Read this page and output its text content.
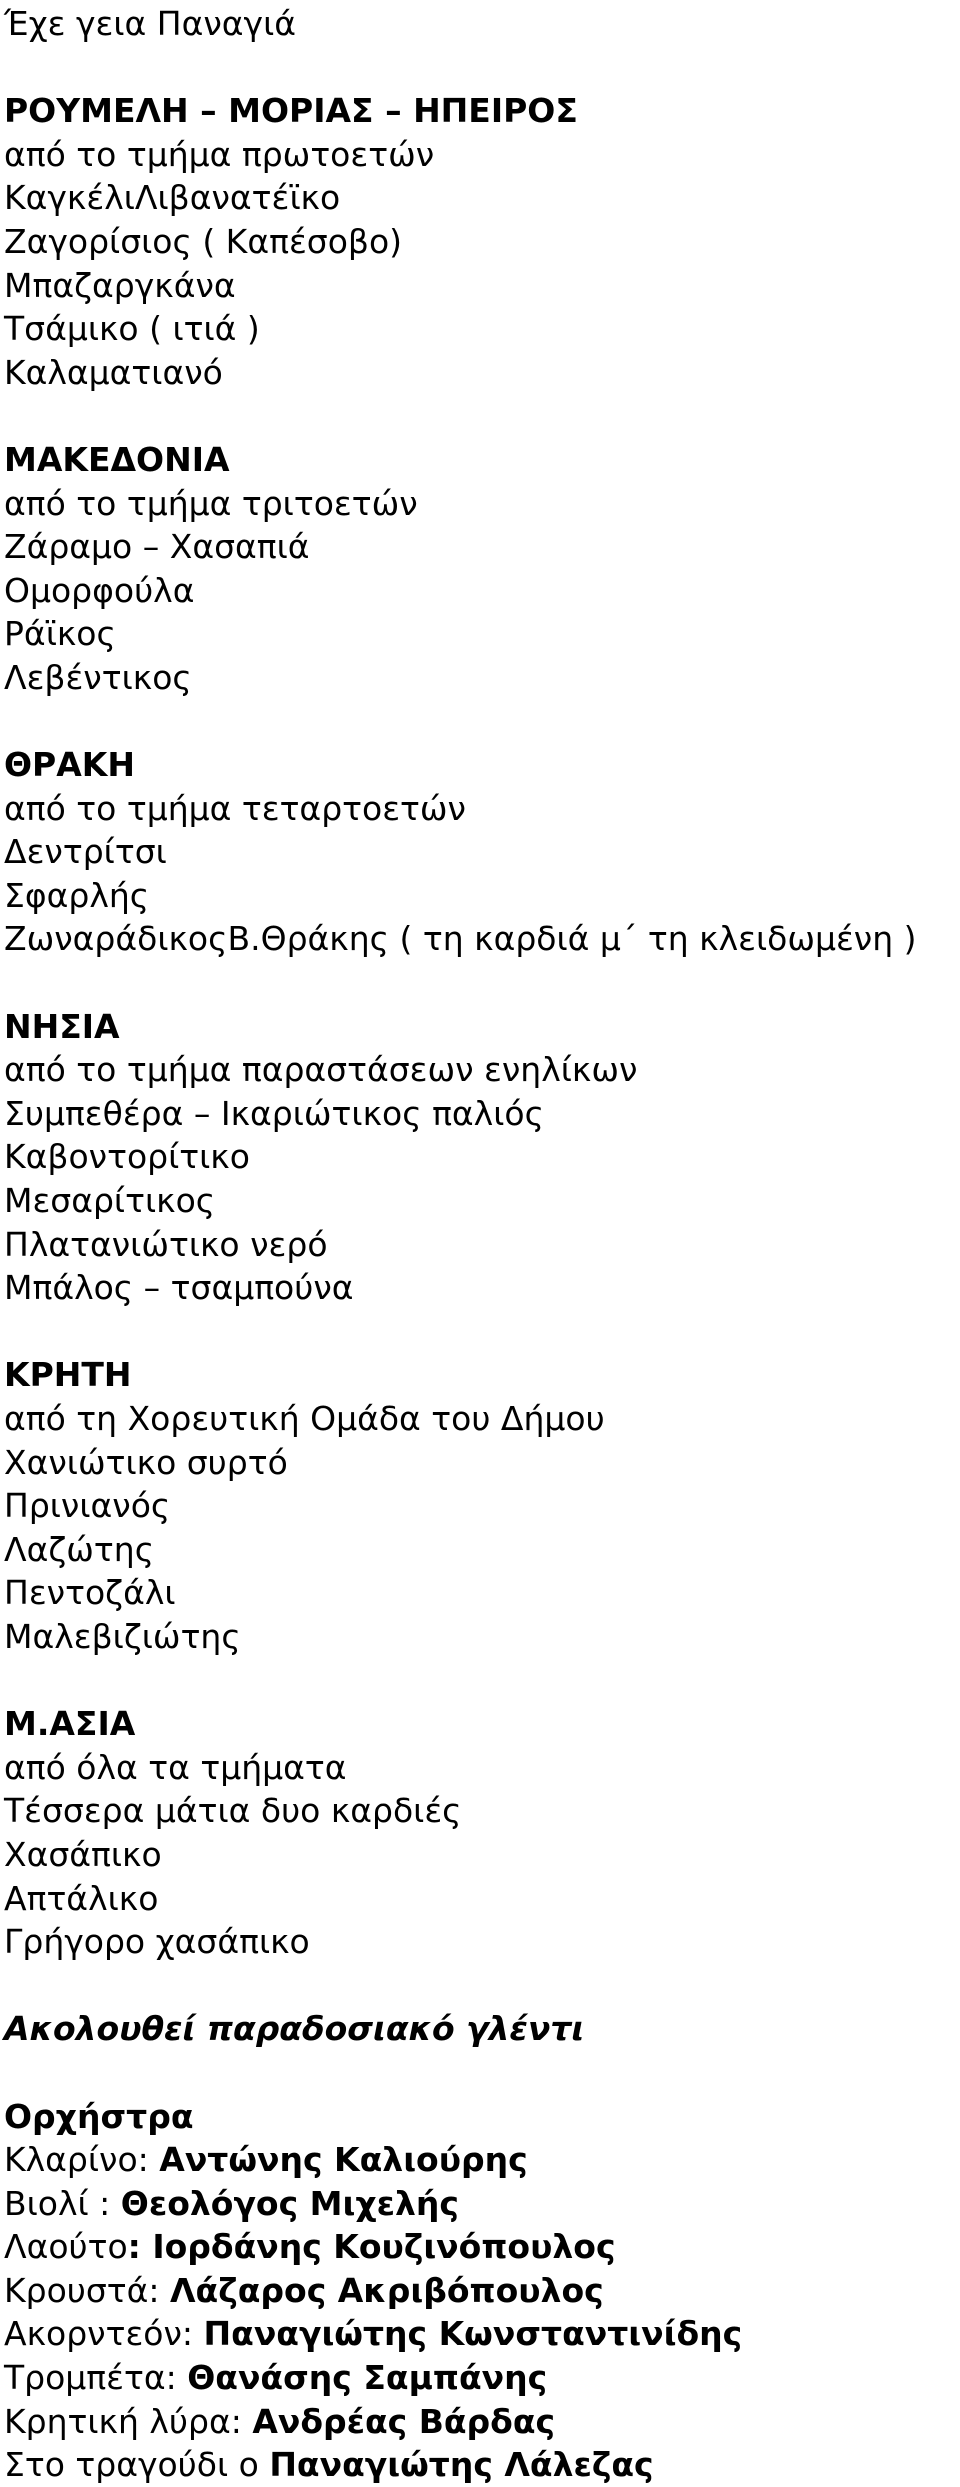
Έχε γεια Παναγιά
ΡΟΥΜΕΛΗ – ΜΟΡΙΑΣ – ΗΠΕΙΡΟΣ
από το τμήμα πρωτοετών
ΚαγκέλιΛιβανατέϊκο
Ζαγορίσιος ( Καπέσοβο)
Μπαζαργκάνα
Τσάμικο ( ιτιά )
Καλαματιανό
ΜΑΚΕΔΟΝΙΑ
από το τμήμα τριτοετών
Ζάραμο – Χασαπιά
Ομορφούλα
Ράϊκος
Λεβέντικος
ΘΡΑΚΗ
από το τμήμα τεταρτοετών
Δεντρίτσι
Σφαρλής
ΖωναράδικοςΒ.Θράκης ( τη καρδιά μ΄ τη κλειδωμένη )
ΝΗΣΙΑ
από το τμήμα παραστάσεων ενηλίκων
Συμπεθέρα – Ικαριώτικος παλιός
Καβοντορίτικο
Μεσαρίτικος
Πλατανιώτικο νερό
Μπάλος – τσαμπούνα
ΚΡΗΤΗ
από τη Χορευτική Ομάδα του Δήμου
Χανιώτικο συρτό
Πρινιανός
Λαζώτης
Πεντοζάλι
Μαλεβιζιώτης
Μ.ΑΣΙΑ
από όλα τα τμήματα
Τέσσερα μάτια δυο καρδιές
Χασάπικο
Απτάλικο
Γρήγορο χασάπικο
Ακολουθεί παραδοσιακό γλέντι
Ορχήστρα
Κλαρίνο: Αντώνης Καλιούρης
Βιολί : Θεολόγος Μιχελής
Λαούτο: Ιορδάνης Κουζινόπουλος
Κρουστά: Λάζαρος Ακριβόπουλος
Ακορντεόν: Παναγιώτης Κωνσταντινίδης
Τρομπέτα: Θανάσης Σαμπάνης
Κρητική λύρα: Ανδρέας Βάρδας
Στο τραγούδι ο Παναγιώτης Λάλεζας
